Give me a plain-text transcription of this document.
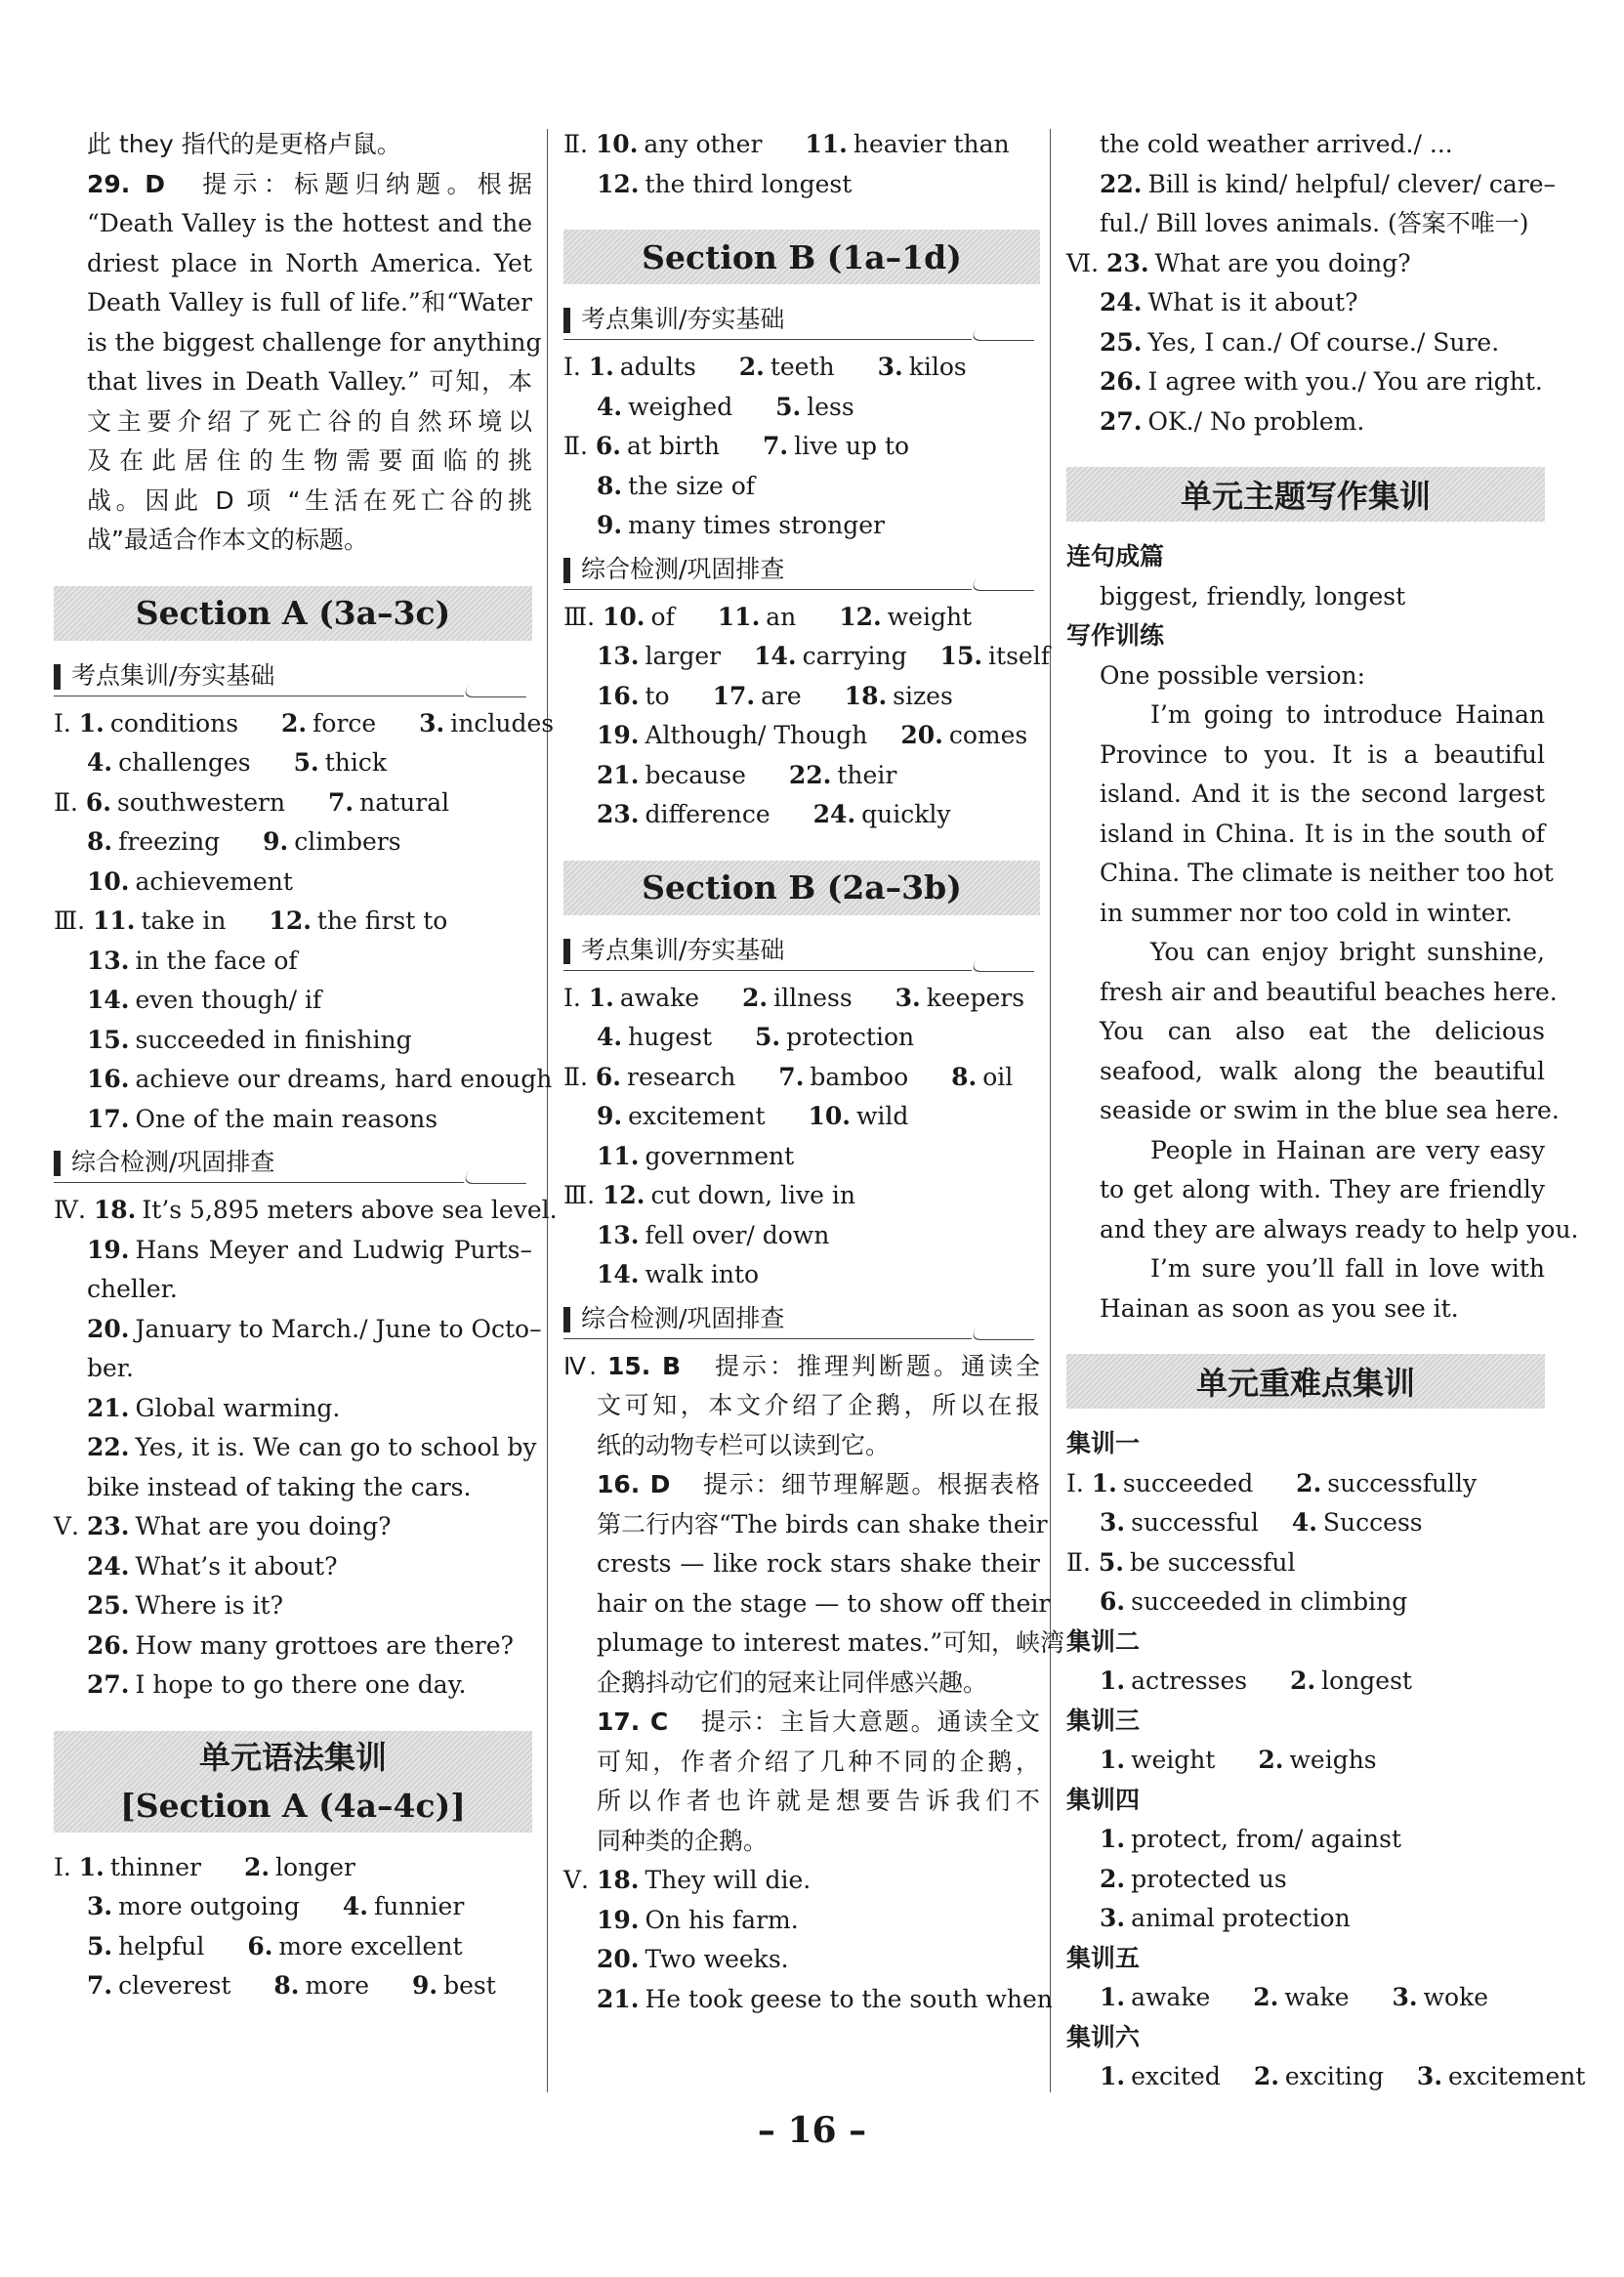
此 they 指代的是更格卢鼠。
29. D 提示：标题归纳题。根据
“Death Valley is the hottest and the
driest place in North America. Yet
Death Valley is full of life.”和“Water
is the biggest challenge for anything
that lives in Death Valley.” 可知，本
文主要介绍了死亡谷的自然环境以
及在此居住的生物需要面临的挑
战。因此 D 项 “生活在死亡谷的挑
战”最适合作本文的标题。
Section A (3a–3c)
考点集训/夯实基础
Ⅰ. 1. conditions 2. force 3. includes
4. challenges 5. thick
Ⅱ. 6. southwestern 7. natural
8. freezing 9. climbers
10. achievement
Ⅲ. 11. take in 12. the first to
13. in the face of
14. even though/ if
15. succeeded in finishing
16. achieve our dreams, hard enough
17. One of the main reasons
综合检测/巩固排查
Ⅳ. 18. It’s 5,895 meters above sea level.
19. Hans Meyer and Ludwig Purts–
cheller.
20. January to March./ June to Octo–
ber.
21. Global warming.
22. Yes, it is. We can go to school by
bike instead of taking the cars.
Ⅴ. 23. What are you doing?
24. What’s it about?
25. Where is it?
26. How many grottoes are there?
27. I hope to go there one day.
单元语法集训
[Section A (4a–4c)]
Ⅰ. 1. thinner 2. longer
3. more outgoing 4. funnier
5. helpful 6. more excellent
7. cleverest 8. more 9. best
Ⅱ. 10. any other 11. heavier than
12. the third longest
Section B (1a–1d)
考点集训/夯实基础
Ⅰ. 1. adults 2. teeth 3. kilos
4. weighed 5. less
Ⅱ. 6. at birth 7. live up to
8. the size of
9. many times stronger
综合检测/巩固排查
Ⅲ. 10. of 11. an 12. weight
13. larger 14. carrying 15. itself
16. to 17. are 18. sizes
19. Although/ Though 20. comes
21. because 22. their
23. difference 24. quickly
Section B (2a–3b)
考点集训/夯实基础
Ⅰ. 1. awake 2. illness 3. keepers
4. hugest 5. protection
Ⅱ. 6. research 7. bamboo 8. oil
9. excitement 10. wild
11. government
Ⅲ. 12. cut down, live in
13. fell over/ down
14. walk into
综合检测/巩固排查
Ⅳ. 15. B 提示：推理判断题。通读全
文可知，本文介绍了企鹅，所以在报
纸的动物专栏可以读到它。
16. D 提示：细节理解题。根据表格
第二行内容“The birds can shake their
crests — like rock stars shake their
hair on the stage — to show off their
plumage to interest mates.”可知，峡湾
企鹅抖动它们的冠来让同伴感兴趣。
17. C 提示：主旨大意题。通读全文
可知，作者介绍了几种不同的企鹅，
所以作者也许就是想要告诉我们不
同种类的企鹅。
Ⅴ. 18. They will die.
19. On his farm.
20. Two weeks.
21. He took geese to the south when
the cold weather arrived./ ...
22. Bill is kind/ helpful/ clever/ care–
ful./ Bill loves animals. (答案不唯一)
Ⅵ. 23. What are you doing?
24. What is it about?
25. Yes, I can./ Of course./ Sure.
26. I agree with you./ You are right.
27. OK./ No problem.
单元主题写作集训
连句成篇
biggest, friendly, longest
写作训练
One possible version:
I’m going to introduce Hainan
Province to you. It is a beautiful
island. And it is the second largest
island in China. It is in the south of
China. The climate is neither too hot
in summer nor too cold in winter.
You can enjoy bright sunshine,
fresh air and beautiful beaches here.
You can also eat the delicious
seafood, walk along the beautiful
seaside or swim in the blue sea here.
People in Hainan are very easy
to get along with. They are friendly
and they are always ready to help you.
I’m sure you’ll fall in love with
Hainan as soon as you see it.
单元重难点集训
集训一
Ⅰ. 1. succeeded 2. successfully
3. successful 4. Success
Ⅱ. 5. be successful
6. succeeded in climbing
集训二
1. actresses 2. longest
集训三
1. weight 2. weighs
集训四
1. protect, from/ against
2. protected us
3. animal protection
集训五
1. awake 2. wake 3. woke
集训六
1. excited 2. exciting 3. excitement
– 16 –
